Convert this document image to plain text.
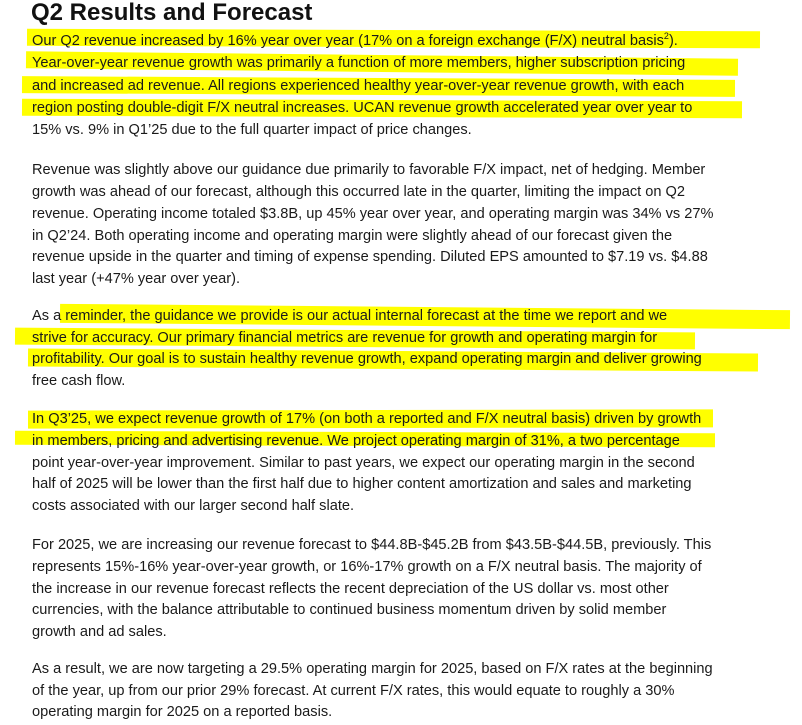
Q2 Results and Forecast
Our Q2 revenue increased by 16% year over year (17% on a foreign exchange (F/X) neutral basis$^2$).
Year-over-year revenue growth was primarily a function of more members, higher subscription pricing
and increased ad revenue. All regions experienced healthy year-over-year revenue growth, with each
region posting double-digit F/X neutral increases. UCAN revenue growth accelerated year over year to
15% vs. 9% in Q1’25 due to the full quarter impact of price changes.
Revenue was slightly above our guidance due primarily to favorable F/X impact, net of hedging. Member
growth was ahead of our forecast, although this occurred late in the quarter, limiting the impact on Q2
revenue. Operating income totaled $3.8B, up 45% year over year, and operating margin was 34% vs 27%
in Q2’24. Both operating income and operating margin were slightly ahead of our forecast given the
revenue upside in the quarter and timing of expense spending. Diluted EPS amounted to $7.19 vs. $4.88
last year (+47% year over year).
As a reminder, the guidance we provide is our actual internal forecast at the time we report and we
strive for accuracy. Our primary financial metrics are revenue for growth and operating margin for
profitability. Our goal is to sustain healthy revenue growth, expand operating margin and deliver growing
free cash flow.
In Q3’25, we expect revenue growth of 17% (on both a reported and F/X neutral basis) driven by growth
in members, pricing and advertising revenue. We project operating margin of 31%, a two percentage
point year-over-year improvement. Similar to past years, we expect our operating margin in the second
half of 2025 will be lower than the first half due to higher content amortization and sales and marketing
costs associated with our larger second half slate.
For 2025, we are increasing our revenue forecast to $44.8B-$45.2B from $43.5B-$44.5B, previously. This
represents 15%-16% year-over-year growth, or 16%-17% growth on a F/X neutral basis. The majority of
the increase in our revenue forecast reflects the recent depreciation of the US dollar vs. most other
currencies, with the balance attributable to continued business momentum driven by solid member
growth and ad sales.
As a result, we are now targeting a 29.5% operating margin for 2025, based on F/X rates at the beginning
of the year, up from our prior 29% forecast. At current F/X rates, this would equate to roughly a 30%
operating margin for 2025 on a reported basis.
